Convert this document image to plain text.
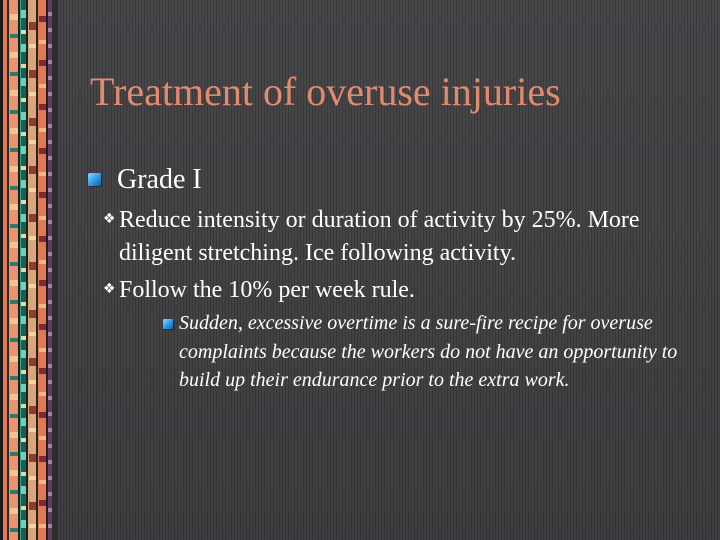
Treatment of overuse injuries
Grade I
❖ Reduce intensity or duration of activity by 25%. More diligent stretching. Ice following activity.
❖ Follow the 10% per week rule.
Sudden, excessive overtime is a sure-fire recipe for overuse complaints because the workers do not have an opportunity to build up their endurance prior to the extra work.
